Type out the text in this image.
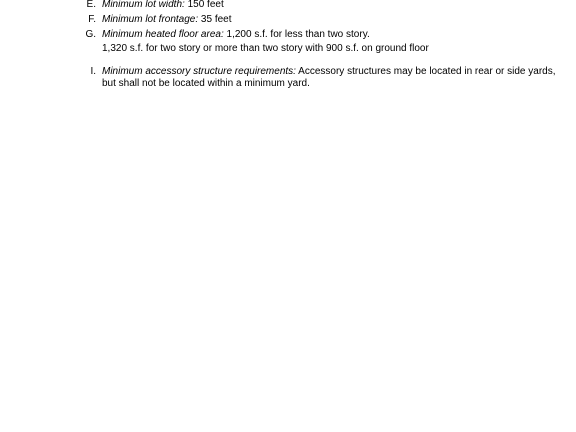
E. Minimum lot width: 150 feet
F. Minimum lot frontage: 35 feet
G. Minimum heated floor area: 1,200 s.f. for less than two story.
1,320 s.f. for two story or more than two story with 900 s.f. on ground floor
I. Minimum accessory structure requirements: Accessory structures may be located in rear or side yards,
but shall not be located within a minimum yard.
